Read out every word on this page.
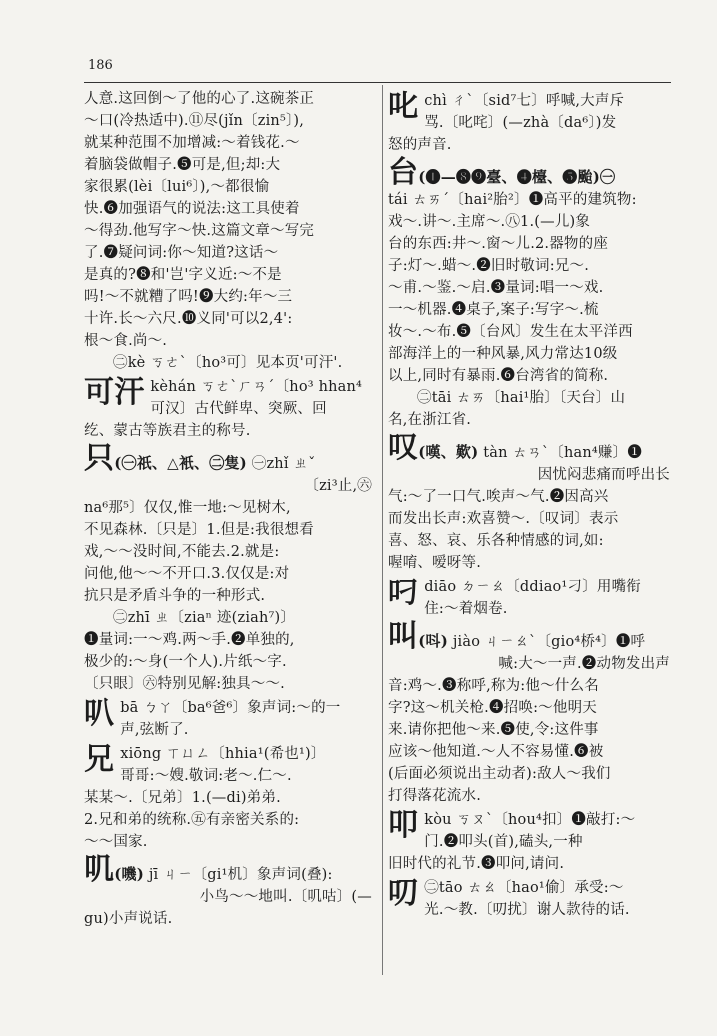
186

人意.这回倒～了他的心了.这碗茶正

～口(冷热适中).⑪尽(jǐn〔zin⁵〕),

就某种范围不加增减:～着钱花.～

着脑袋做帽子.❺可是,但;却:大

家很累(lèi〔lui⁶〕),～都很愉

快.❻加强语气的说法:这工具使着

～得劲.他写字～快.这篇文章～写完

了.❼疑问词:你～知道?这话～

是真的?❽和'岂'字义近:～不是

吗!～不就糟了吗!❾大约:年～三

十许.长～六尺.❿义同'可以2,4':

根～食.尚～.

㊁kè ㄎㄜˋ〔ho³可〕见本页'可汗'.

可汗 kèhán ㄎㄜˋㄏㄢˊ〔ho³ hhan⁴

可汉〕古代鲜卑、突厥、回

纥、蒙古等族君主的称号.

只(㊀祇、△衹、㊁隻) ㊀zhǐ ㄓˇ

〔zi³止,㊅

na⁶那⁵〕仅仅,惟一地:～见树木,

不见森林.〔只是〕1.但是:我很想看

戏,～～没时间,不能去.2.就是:

问他,他～～不开口.3.仅仅是:对

抗只是矛盾斗争的一种形式.

㊁zhī ㄓ〔ziaⁿ 迹(ziah⁷)〕

❶量词:一～鸡.两～手.❷单独的,

极少的:～身(一个人).片纸～字.

〔只眼〕㊅特别见解:独具～～.

叭 bā ㄅㄚ〔ba⁶爸⁶〕象声词:～的一

声,弦断了.

兄 xiōng ㄒㄩㄥ〔hhia¹(希也¹)〕

哥哥:～嫂.敬词:老～.仁～.

某某～.〔兄弟〕1.(—di)弟弟.

2.兄和弟的统称.㊄有亲密关系的:

～～国家.

叽(嘰) jī ㄐㄧ〔gi¹机〕象声词(叠):

小鸟～～地叫.〔叽咕〕(—

gu)小声说话.

叱 chì ㄔˋ〔sid⁷七〕呼喊,大声斥

骂.〔叱咤〕(—zhà〔da⁶〕)发

怒的声音.

台(❶—❽❾臺、❹檯、❺颱)㊀

tái ㄊㄞˊ〔hai²胎²〕❶高平的建筑物:

戏～.讲～.主席～.㊇1.(—儿)象

台的东西:井～.窗～儿.2.器物的座

子:灯～.蜡～.❷旧时敬词:兄～.

～甫.～鉴.～启.❸量词:唱一～戏.

一～机器.❹桌子,案子:写字～.梳

妆～.～布.❺〔台风〕发生在太平洋西

部海洋上的一种风暴,风力常达10级

以上,同时有暴雨.❻台湾省的简称.

㊁tāi ㄊㄞ〔hai¹胎〕〔天台〕山

名,在浙江省.

叹(嘆、歎) tàn ㄊㄢˋ〔han⁴赚〕❶

因忧闷悲痛而呼出长

气:～了一口气.唉声～气.❷因高兴

而发出长声:欢喜赞～.〔叹词〕表示

喜、怒、哀、乐各种情感的词,如:

喔唷、嗳呀等.

叼 diāo ㄉㄧㄠ〔ddiao¹刁〕用嘴衔

住:～着烟卷.

叫(呌) jiào ㄐㄧㄠˋ〔gio⁴桥⁴〕❶呼

喊:大～一声.❷动物发出声

音:鸡～.❸称呼,称为:他～什么名

字?这～机关枪.❹招唤:～他明天

来.请你把他～来.❺使,令:这件事

应该～他知道.～人不容易懂.❻被

(后面必须说出主动者):敌人～我们

打得落花流水.

叩 kòu ㄎㄡˋ〔hou⁴扣〕❶敲打:～

门.❷叩头(首),磕头,一种

旧时代的礼节.❸叩问,请问.

叨 ㊁tāo ㄊㄠ〔hao¹偷〕承受:～

光.～教.〔叨扰〕谢人款待的话.
